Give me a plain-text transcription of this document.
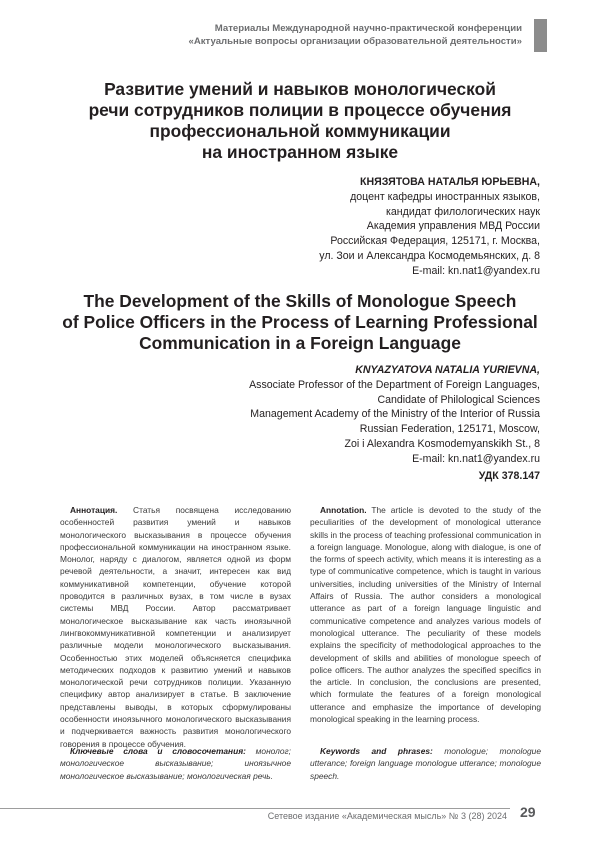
Материалы Международной научно-практической конференции
«Актуальные вопросы организации образовательной деятельности»
Развитие умений и навыков монологической
речи сотрудников полиции в процессе обучения
профессиональной коммуникации
на иностранном языке
КНЯЗЯТОВА НАТАЛЬЯ ЮРЬЕВНА,
доцент кафедры иностранных языков,
кандидат филологических наук
Академия управления МВД России
Российская Федерация, 125171, г. Москва,
ул. Зои и Александра Космодемьянских, д. 8
E-mail: kn.nat1@yandex.ru
The Development of the Skills of Monologue Speech
of Police Officers in the Process of Learning Professional
Communication in a Foreign Language
KNYAZYATOVA NATALIA YURIEVNA,
Associate Professor of the Department of Foreign Languages,
Candidate of Philological Sciences
Management Academy of the Ministry of the Interior of Russia
Russian Federation, 125171, Moscow,
Zoi i Alexandra Kosmodemyanskikh St., 8
E-mail: kn.nat1@yandex.ru
УДК 378.147

Аннотация. Статья посвящена исследованию особенностей развития умений и навыков монологического высказывания в процессе обучения профессиональной коммуникации на иностранном языке. Монолог, наряду с диалогом, является одной из форм речевой деятельности, а значит, интересен как вид коммуникативной компетенции, обучение которой проводится в различных вузах, в том числе в вузах системы МВД России. Автор рассматривает монологическое высказывание как часть иноязычной лингвокоммуникативной компетенции и анализирует различные модели монологического высказывания. Особенностью этих моделей объясняется специфика методических подходов к развитию умений и навыков монологической речи сотрудников полиции. Указанную специфику автор анализирует в статье. В заключение представлены выводы, в которых сформулированы особенности иноязычного монологического высказывания и подчеркивается важность развития монологического говорения в процессе обучения.

Annotation. The article is devoted to the study of the peculiarities of the development of monological utterance skills in the process of teaching professional communication in a foreign language. Monologue, along with dialogue, is one of the forms of speech activity, which means it is interesting as a type of communicative competence, which is taught in various universities, including universities of the Ministry of Internal Affairs of Russia. The author considers a monological utterance as part of a foreign language linguistic and communicative competence and analyzes various models of monological utterance. The peculiarity of these models explains the specificity of methodological approaches to the development of skills and abilities of monologue speech of police officers. The author analyzes the specified specifics in the article. In conclusion, the conclusions are presented, which formulate the features of a foreign monological utterance and emphasize the importance of developing monological speaking in the learning process.

Ключевые слова и словосочетания: монолог; монологическое высказывание; иноязычное монологическое высказывание; монологическая речь.
Keywords and phrases: monologue; monologue utterance; foreign language monologue utterance; monologue speech.
Сетевое издание «Академическая мысль» № 3 (28) 2024 29
